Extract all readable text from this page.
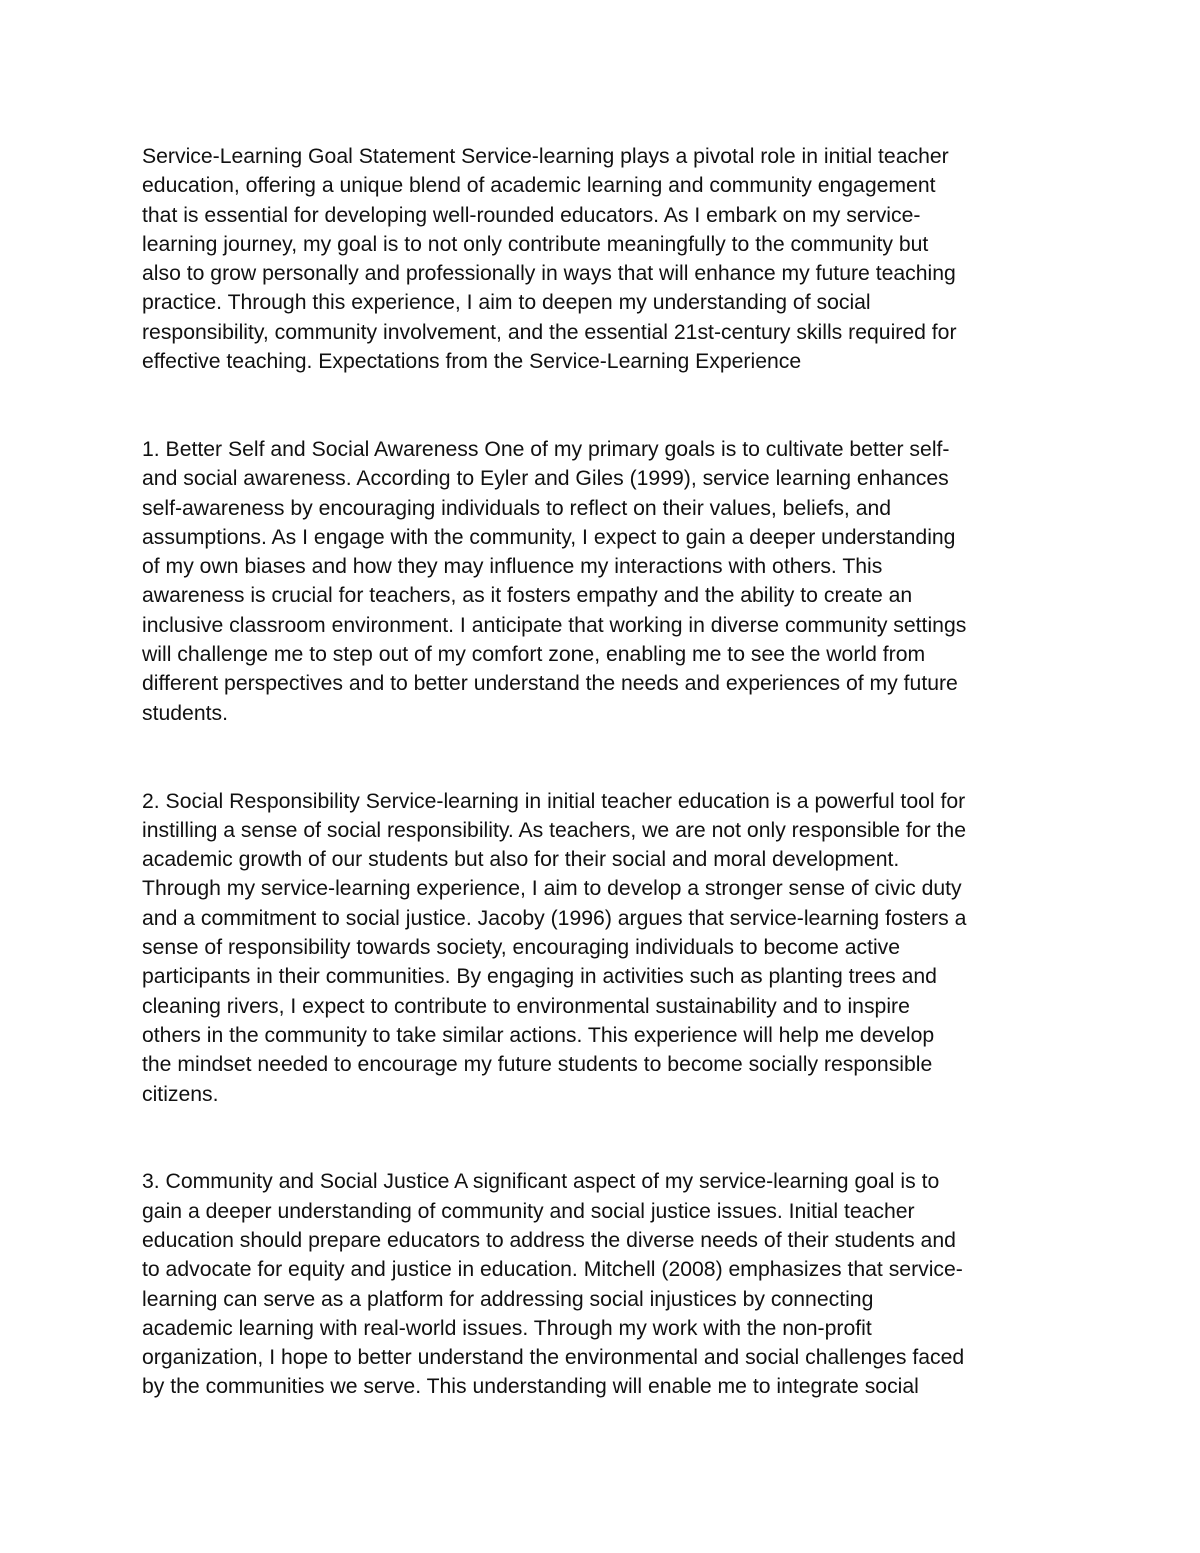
Service-Learning Goal Statement Service-learning plays a pivotal role in initial teacher
education, offering a unique blend of academic learning and community engagement
that is essential for developing well-rounded educators. As I embark on my service-
learning journey, my goal is to not only contribute meaningfully to the community but
also to grow personally and professionally in ways that will enhance my future teaching
practice. Through this experience, I aim to deepen my understanding of social
responsibility, community involvement, and the essential 21st-century skills required for
effective teaching. Expectations from the Service-Learning Experience

1. Better Self and Social Awareness One of my primary goals is to cultivate better self-
and social awareness. According to Eyler and Giles (1999), service learning enhances
self-awareness by encouraging individuals to reflect on their values, beliefs, and
assumptions. As I engage with the community, I expect to gain a deeper understanding
of my own biases and how they may influence my interactions with others. This
awareness is crucial for teachers, as it fosters empathy and the ability to create an
inclusive classroom environment. I anticipate that working in diverse community settings
will challenge me to step out of my comfort zone, enabling me to see the world from
different perspectives and to better understand the needs and experiences of my future
students.

2. Social Responsibility Service-learning in initial teacher education is a powerful tool for
instilling a sense of social responsibility. As teachers, we are not only responsible for the
academic growth of our students but also for their social and moral development.
Through my service-learning experience, I aim to develop a stronger sense of civic duty
and a commitment to social justice. Jacoby (1996) argues that service-learning fosters a
sense of responsibility towards society, encouraging individuals to become active
participants in their communities. By engaging in activities such as planting trees and
cleaning rivers, I expect to contribute to environmental sustainability and to inspire
others in the community to take similar actions. This experience will help me develop
the mindset needed to encourage my future students to become socially responsible
citizens.

3. Community and Social Justice A significant aspect of my service-learning goal is to
gain a deeper understanding of community and social justice issues. Initial teacher
education should prepare educators to address the diverse needs of their students and
to advocate for equity and justice in education. Mitchell (2008) emphasizes that service-
learning can serve as a platform for addressing social injustices by connecting
academic learning with real-world issues. Through my work with the non-profit
organization, I hope to better understand the environmental and social challenges faced
by the communities we serve. This understanding will enable me to integrate social
